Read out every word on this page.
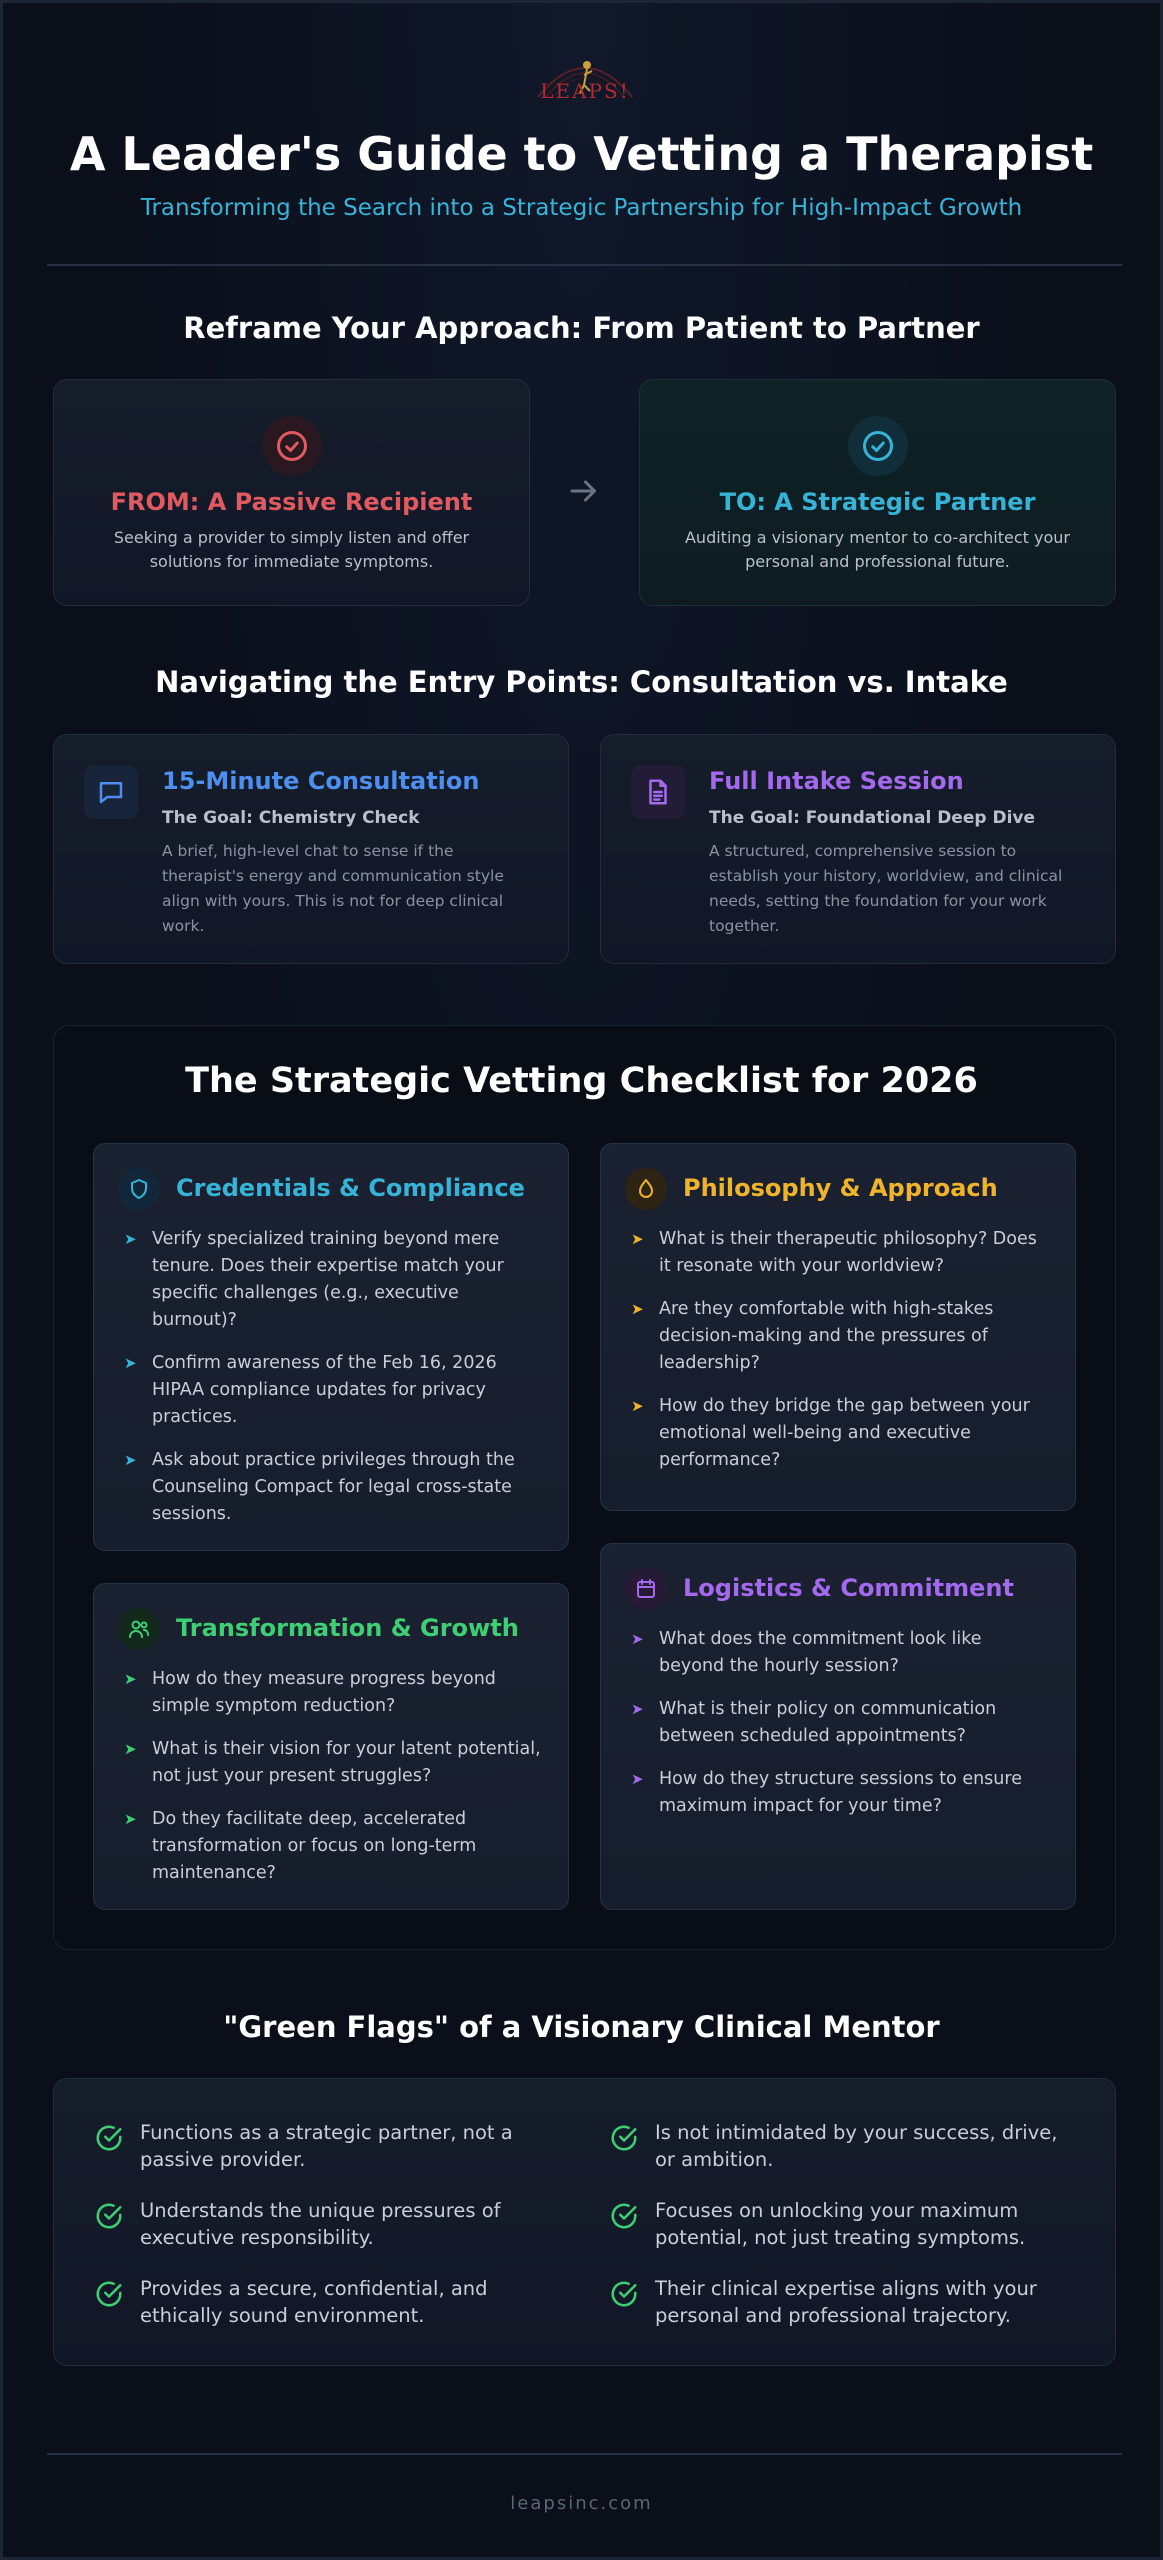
LEAPS!
A Leader's Guide to Vetting a Therapist
Transforming the Search into a Strategic Partnership for High-Impact Growth
Reframe Your Approach: From Patient to Partner
FROM: A Passive Recipient
Seeking a provider to simply listen and offer solutions for immediate symptoms.
TO: A Strategic Partner
Auditing a visionary mentor to co-architect your personal and professional future.
Navigating the Entry Points: Consultation vs. Intake
15-Minute Consultation
The Goal: Chemistry Check
A brief, high-level chat to sense if the therapist's energy and communication style align with yours. This is not for deep clinical work.
Full Intake Session
The Goal: Foundational Deep Dive
A structured, comprehensive session to establish your history, worldview, and clinical needs, setting the foundation for your work together.
The Strategic Vetting Checklist for 2026
Credentials & Compliance
➤ Verify specialized training beyond mere tenure. Does their expertise match your specific challenges (e.g., executive burnout)?
➤ Confirm awareness of the Feb 16, 2026 HIPAA compliance updates for privacy practices.
➤ Ask about practice privileges through the Counseling Compact for legal cross-state sessions.
Philosophy & Approach
➤ What is their therapeutic philosophy? Does it resonate with your worldview?
➤ Are they comfortable with high-stakes decision-making and the pressures of leadership?
➤ How do they bridge the gap between your emotional well-being and executive performance?
Transformation & Growth
➤ How do they measure progress beyond simple symptom reduction?
➤ What is their vision for your latent potential, not just your present struggles?
➤ Do they facilitate deep, accelerated transformation or focus on long-term maintenance?
Logistics & Commitment
➤ What does the commitment look like beyond the hourly session?
➤ What is their policy on communication between scheduled appointments?
➤ How do they structure sessions to ensure maximum impact for your time?
"Green Flags" of a Visionary Clinical Mentor
Functions as a strategic partner, not a passive provider.
Is not intimidated by your success, drive, or ambition.
Understands the unique pressures of executive responsibility.
Focuses on unlocking your maximum potential, not just treating symptoms.
Provides a secure, confidential, and ethically sound environment.
Their clinical expertise aligns with your personal and professional trajectory.
leapsinc.com
